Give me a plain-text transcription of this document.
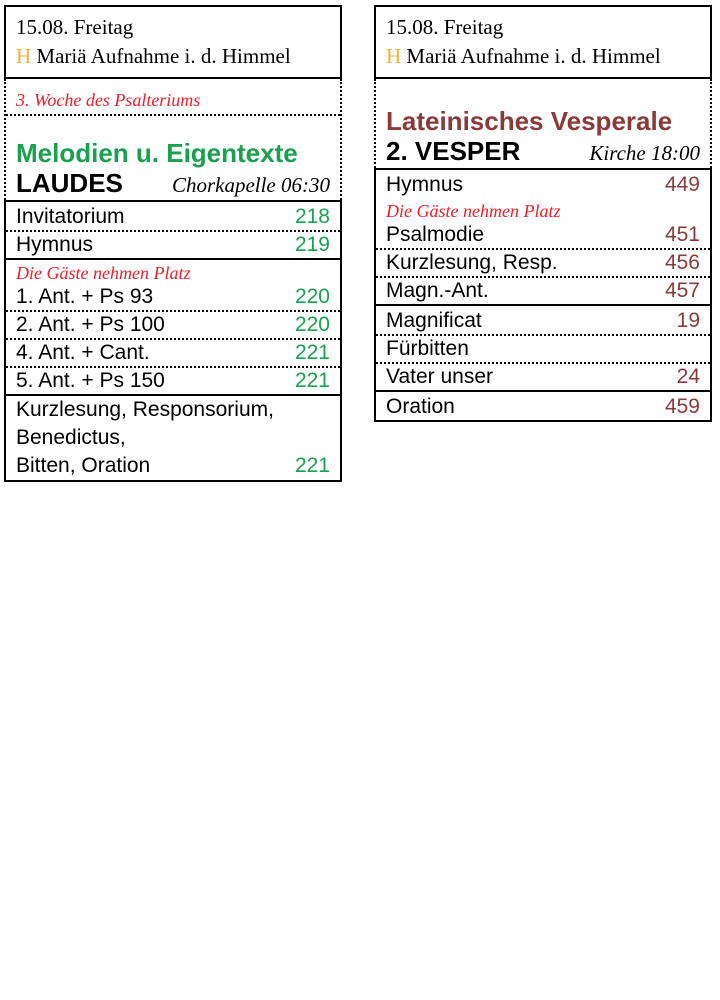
15.08. Freitag
H Mariä Aufnahme i. d. Himmel
3. Woche des Psalteriums
Melodien u. Eigentexte
LAUDES Chorkapelle 06:30
Invitatorium	218
Hymnus	219
Die Gäste nehmen Platz
1. Ant. + Ps 93	220
2. Ant. + Ps 100	220
4. Ant. + Cant.	221
5. Ant. + Ps 150	221
Kurzlesung, Responsorium,
Benedictus,
Bitten, Oration	221
15.08. Freitag
H Mariä Aufnahme i. d. Himmel
Lateinisches Vesperale
2. VESPER	Kirche 18:00
Hymnus	449
Die Gäste nehmen Platz
Psalmodie	451
Kurzlesung, Resp.	456
Magn.-Ant.	457
Magnificat	19
Fürbitten
Vater unser	24
Oration	459
